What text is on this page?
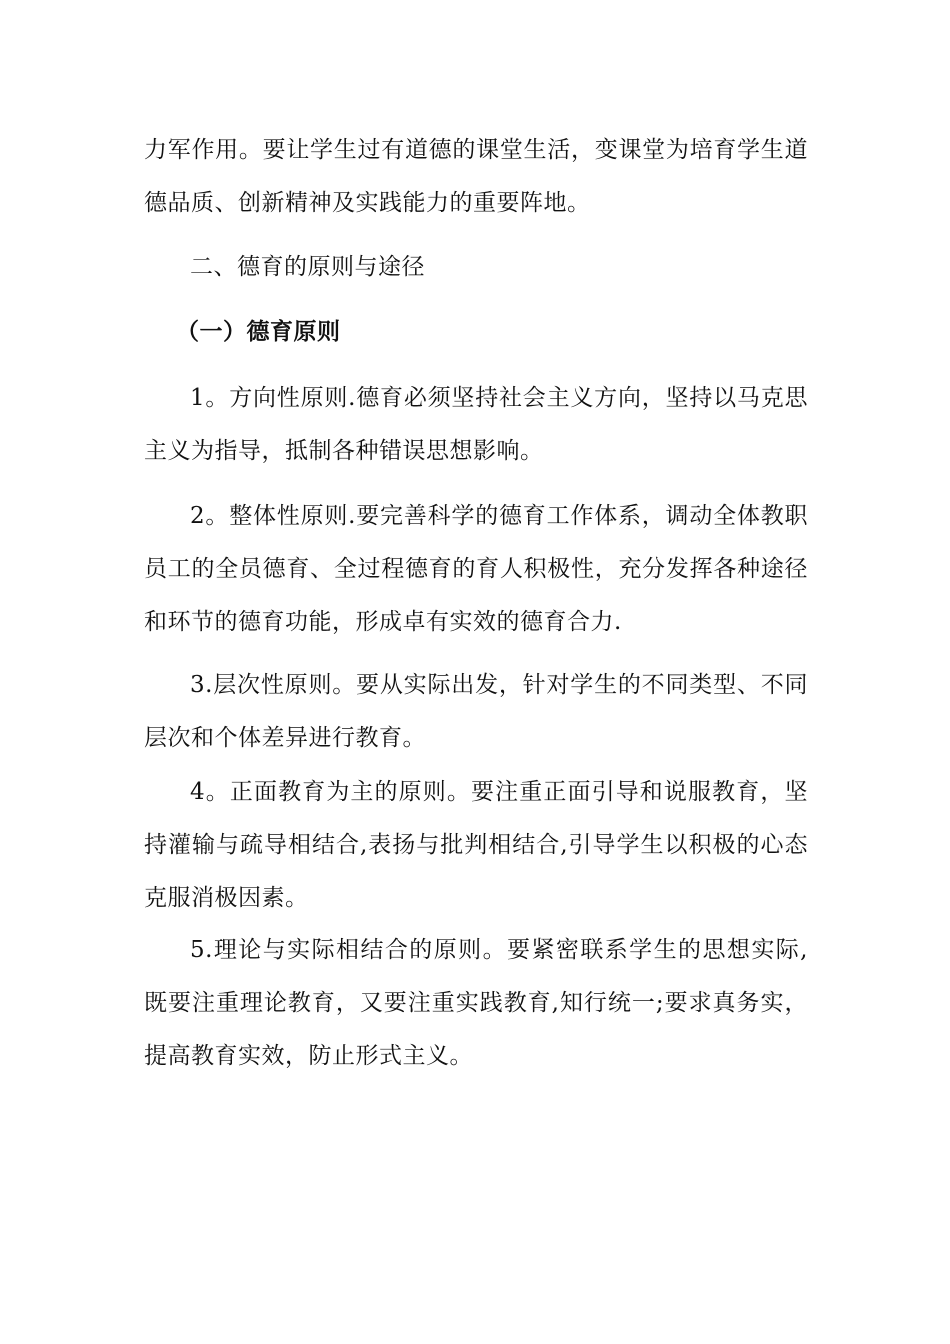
力军作用。要让学生过有道德的课堂生活，变课堂为培育学生道德品质、创新精神及实践能力的重要阵地。

二、德育的原则与途径

（一）德育原则

1。方向性原则.德育必须坚持社会主义方向，坚持以马克思主义为指导，抵制各种错误思想影响。

2。整体性原则.要完善科学的德育工作体系，调动全体教职员工的全员德育、全过程德育的育人积极性，充分发挥各种途径和环节的德育功能，形成卓有实效的德育合力.

3.层次性原则。要从实际出发，针对学生的不同类型、不同层次和个体差异进行教育。

4。正面教育为主的原则。要注重正面引导和说服教育，坚持灌输与疏导相结合,表扬与批判相结合,引导学生以积极的心态克服消极因素。

5.理论与实际相结合的原则。要紧密联系学生的思想实际,既要注重理论教育，又要注重实践教育,知行统一;要求真务实，提高教育实效，防止形式主义。
